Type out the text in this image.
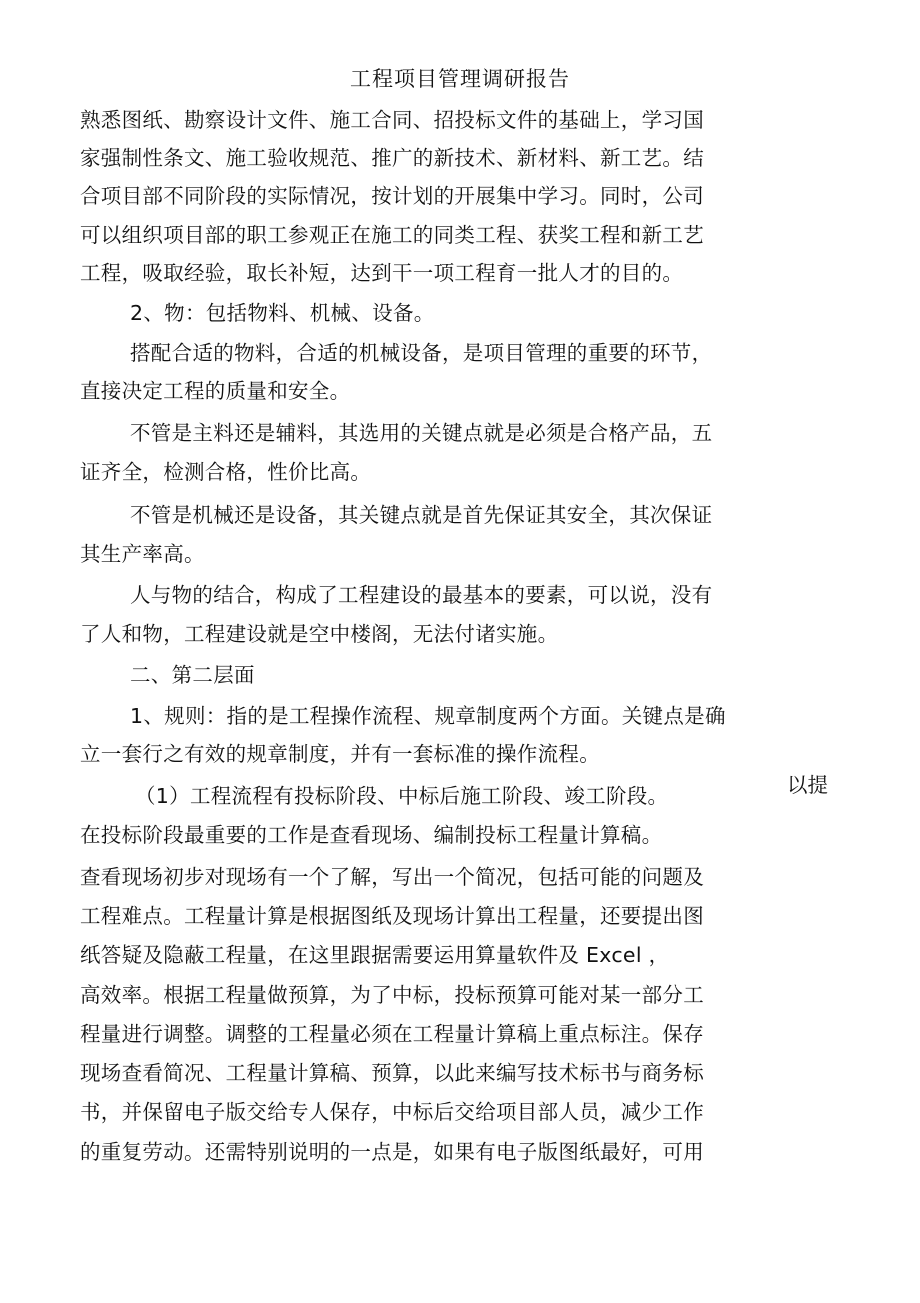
工程项目管理调研报告
熟悉图纸、勘察设计文件、施工合同、招投标文件的基础上，学习国
家强制性条文、施工验收规范、推广的新技术、新材料、新工艺。结
合项目部不同阶段的实际情况，按计划的开展集中学习。同时，公司
可以组织项目部的职工参观正在施工的同类工程、获奖工程和新工艺
工程，吸取经验，取长补短，达到干一项工程育一批人才的目的。
2、物：包括物料、机械、设备。
搭配合适的物料，合适的机械设备，是项目管理的重要的环节，
直接决定工程的质量和安全。
不管是主料还是辅料，其选用的关键点就是必须是合格产品，五
证齐全，检测合格，性价比高。
不管是机械还是设备，其关键点就是首先保证其安全，其次保证
其生产率高。
人与物的结合，构成了工程建设的最基本的要素，可以说，没有
了人和物，工程建设就是空中楼阁，无法付诸实施。
二、第二层面
1、规则：指的是工程操作流程、规章制度两个方面。关键点是确
立一套行之有效的规章制度，并有一套标准的操作流程。
（1）工程流程有投标阶段、中标后施工阶段、竣工阶段。	以提
在投标阶段最重要的工作是查看现场、编制投标工程量计算稿。
查看现场初步对现场有一个了解，写出一个简况，包括可能的问题及
工程难点。工程量计算是根据图纸及现场计算出工程量，还要提出图
纸答疑及隐蔽工程量，在这里跟据需要运用算量软件及 Excel ，
高效率。根据工程量做预算，为了中标，投标预算可能对某一部分工
程量进行调整。调整的工程量必须在工程量计算稿上重点标注。保存
现场查看简况、工程量计算稿、预算，以此来编写技术标书与商务标
书，并保留电子版交给专人保存，中标后交给项目部人员，减少工作
的重复劳动。还需特别说明的一点是，如果有电子版图纸最好，可用
